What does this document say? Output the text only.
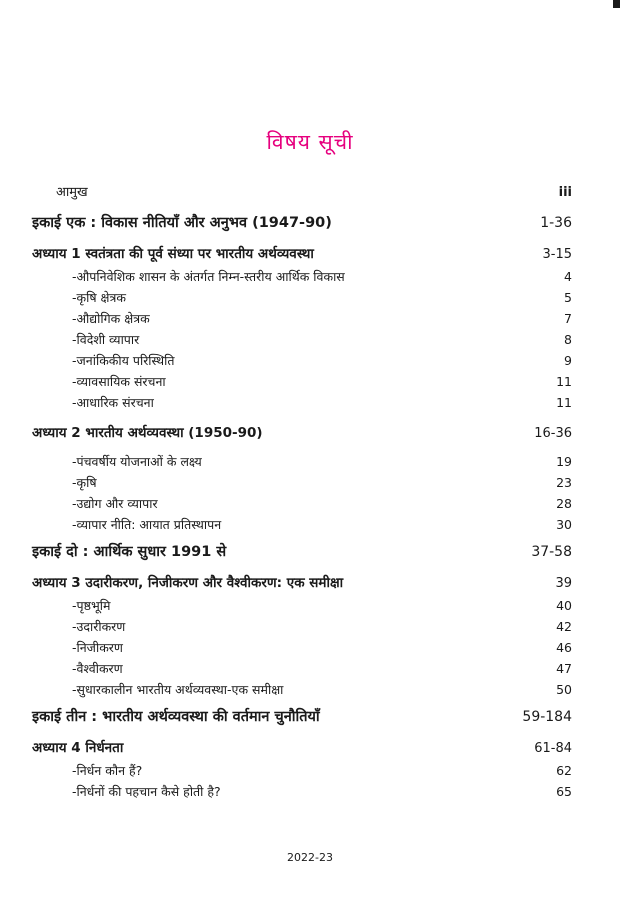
विषय सूची
आमुख	iii
इकाई एक : विकास नीतियाँ और अनुभव (1947-90)	1-36
अध्याय 1 स्वतंत्रता की पूर्व संध्या पर भारतीय अर्थव्यवस्था	3-15
-औपनिवेशिक शासन के अंतर्गत निम्न-स्तरीय आर्थिक विकास	4
-कृषि क्षेत्रक	5
-औद्योगिक क्षेत्रक	7
-विदेशी व्यापार	8
-जनांकिकीय परिस्थिति	9
-व्यावसायिक संरचना	11
-आधारिक संरचना	11
अध्याय 2 भारतीय अर्थव्यवस्था (1950-90)	16-36
-पंचवर्षीय योजनाओं के लक्ष्य	19
-कृषि	23
-उद्योग और व्यापार	28
-व्यापार नीति: आयात प्रतिस्थापन	30
इकाई दो : आर्थिक सुधार 1991 से	37-58
अध्याय 3 उदारीकरण, निजीकरण और वैश्वीकरण: एक समीक्षा	39
-पृष्ठभूमि	40
-उदारीकरण	42
-निजीकरण	46
-वैश्वीकरण	47
-सुधारकालीन भारतीय अर्थव्यवस्था-एक समीक्षा	50
इकाई तीन : भारतीय अर्थव्यवस्था की वर्तमान चुनौतियाँ	59-184
अध्याय 4 निर्धनता	61-84
-निर्धन कौन हैं?	62
-निर्धनों की पहचान कैसे होती है?	65
2022-23
